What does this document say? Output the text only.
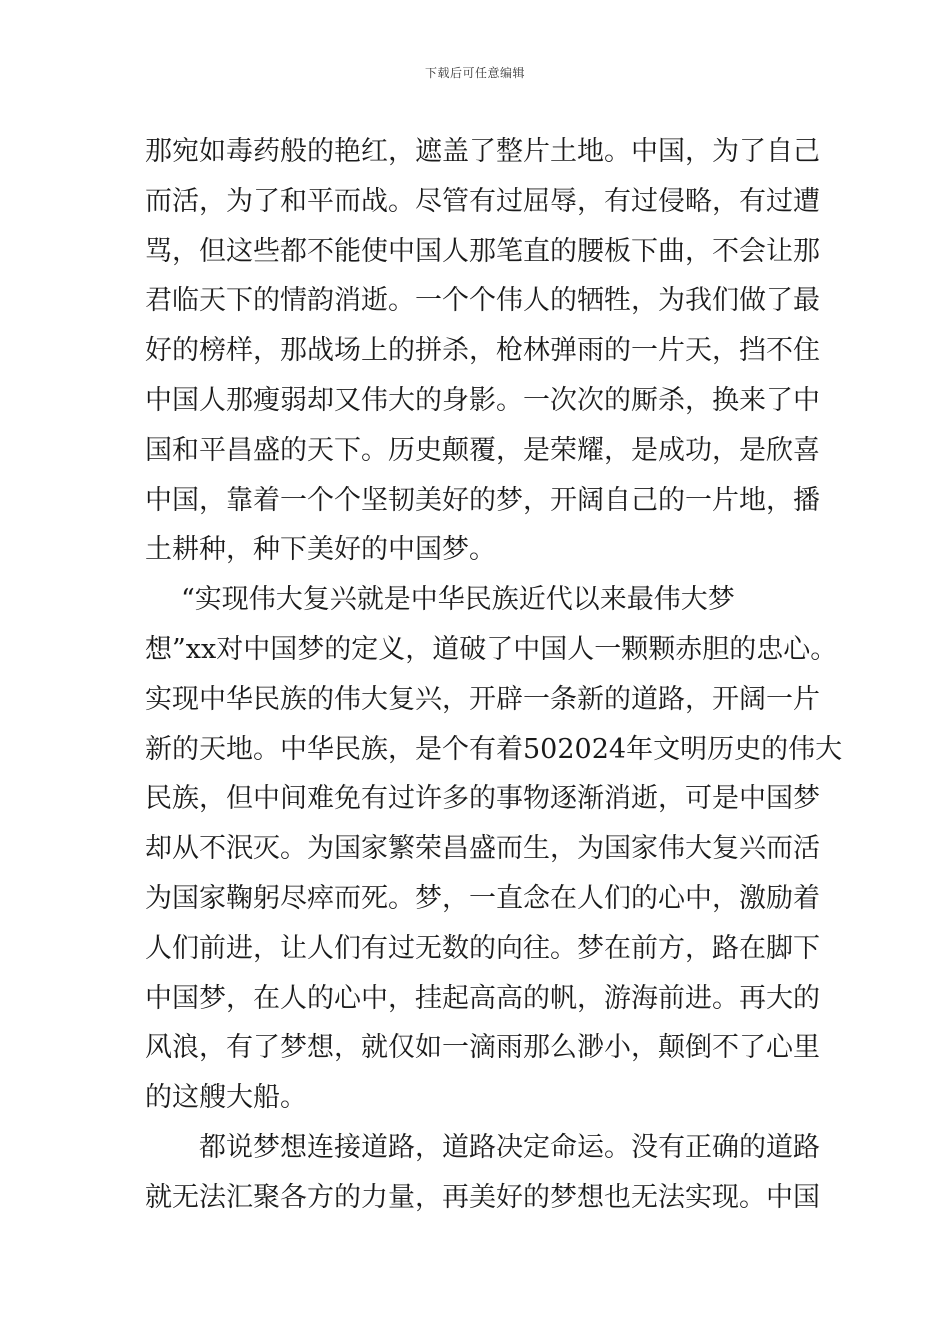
下载后可任意编辑
那宛如毒药般的艳红，遮盖了整片土地。中国，为了自己
而活，为了和平而战。尽管有过屈辱，有过侵略，有过遭
骂，但这些都不能使中国人那笔直的腰板下曲，不会让那
君临天下的情韵消逝。一个个伟人的牺牲，为我们做了最
好的榜样，那战场上的拼杀，枪林弹雨的一片天，挡不住
中国人那瘦弱却又伟大的身影。一次次的厮杀，换来了中
国和平昌盛的天下。历史颠覆，是荣耀，是成功，是欣喜
中国，靠着一个个坚韧美好的梦，开阔自己的一片地，播
土耕种，种下美好的中国梦。
“实现伟大复兴就是中华民族近代以来最伟大梦
想”xx对中国梦的定义，道破了中国人一颗颗赤胆的忠心。
实现中华民族的伟大复兴，开辟一条新的道路，开阔一片
新的天地。中华民族，是个有着502024年文明历史的伟大
民族，但中间难免有过许多的事物逐渐消逝，可是中国梦
却从不泯灭。为国家繁荣昌盛而生，为国家伟大复兴而活
为国家鞠躬尽瘁而死。梦，一直念在人们的心中，激励着
人们前进，让人们有过无数的向往。梦在前方，路在脚下
中国梦，在人的心中，挂起高高的帆，游海前进。再大的
风浪，有了梦想，就仅如一滴雨那么渺小，颠倒不了心里
的这艘大船。
都说梦想连接道路，道路决定命运。没有正确的道路
就无法汇聚各方的力量，再美好的梦想也无法实现。中国
